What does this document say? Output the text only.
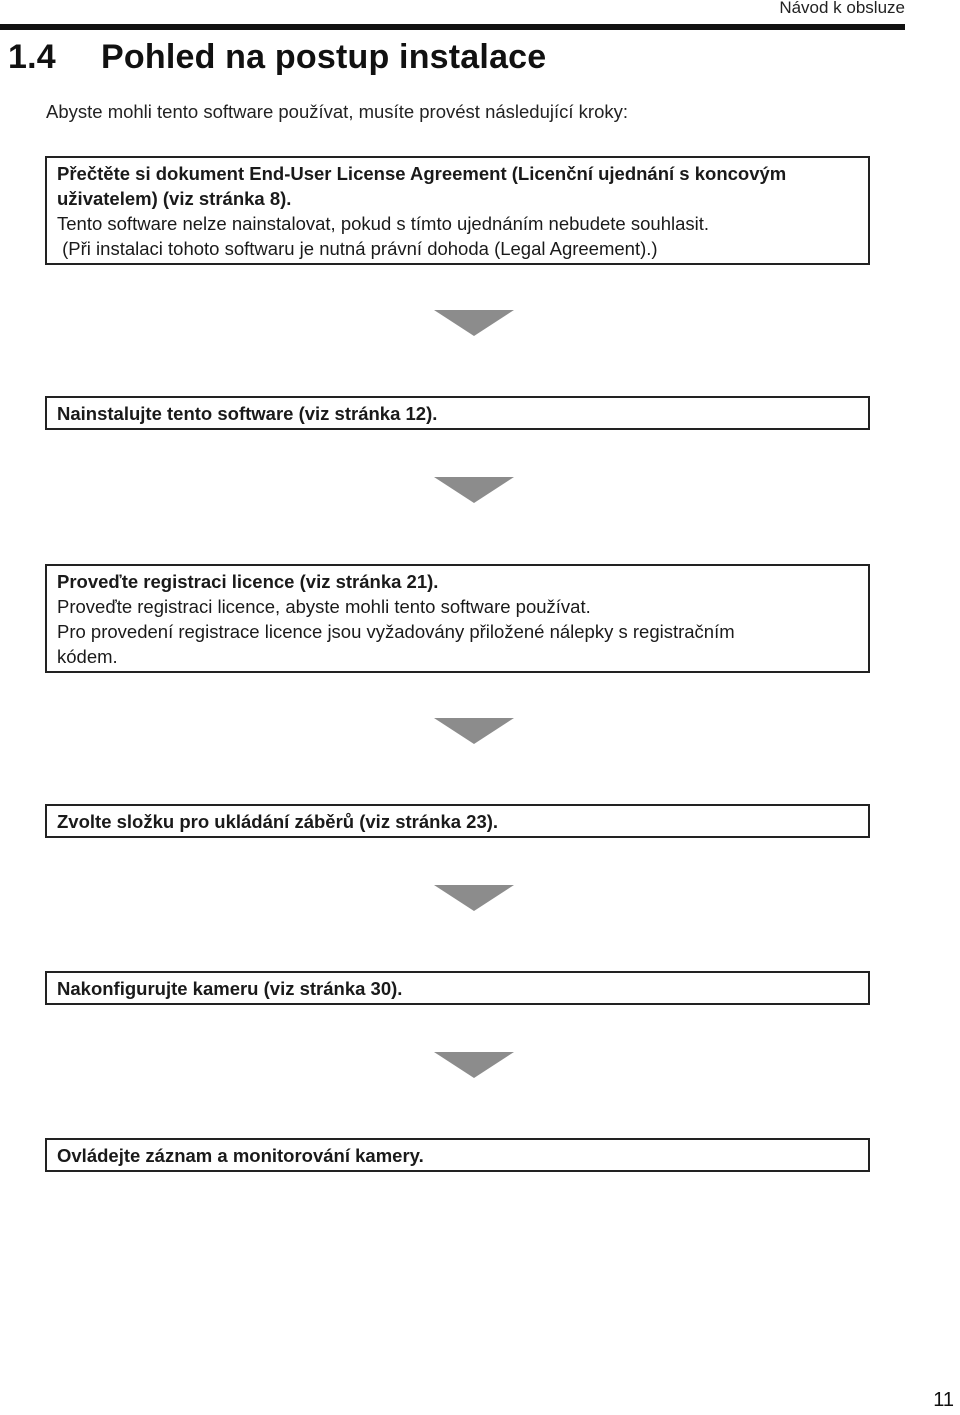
Návod k obsluze
1.4 Pohled na postup instalace
Abyste mohli tento software používat, musíte provést následující kroky:
Přečtěte si dokument End-User License Agreement (Licenční ujednání s koncovým
uživatelem) (viz stránka 8).
Tento software nelze nainstalovat, pokud s tímto ujednáním nebudete souhlasit.
(Při instalaci tohoto softwaru je nutná právní dohoda (Legal Agreement).)
Nainstalujte tento software (viz stránka 12).
Proveďte registraci licence (viz stránka 21).
Proveďte registraci licence, abyste mohli tento software používat.
Pro provedení registrace licence jsou vyžadovány přiložené nálepky s registračním
kódem.
Zvolte složku pro ukládání záběrů (viz stránka 23).
Nakonfigurujte kameru (viz stránka 30).
Ovládejte záznam a monitorování kamery.
11
